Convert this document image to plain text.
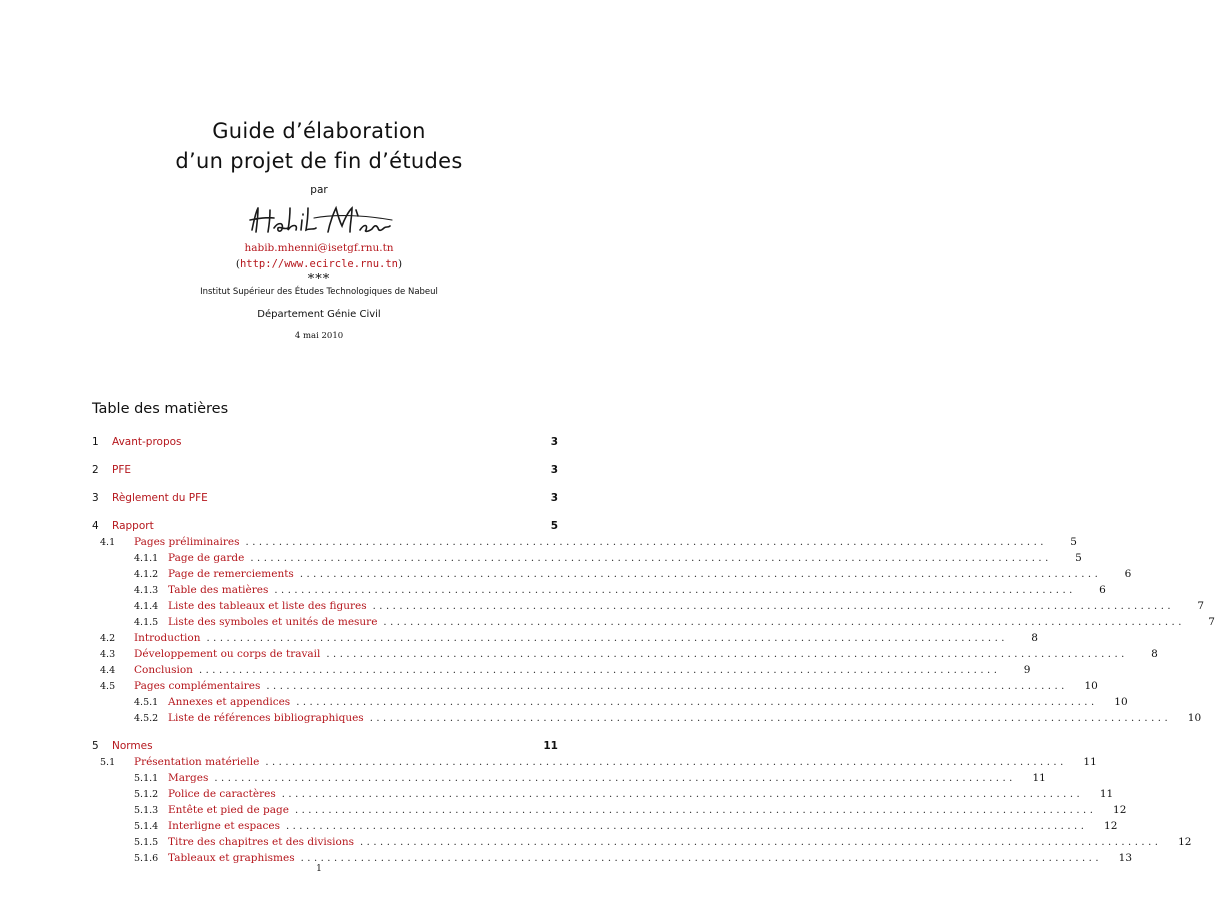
Guide d’élaboration
d’un projet de fin d’études
par
habib.mhenni@isetgf.rnu.tn
(http://www.ecircle.rnu.tn)
***
Institut Supérieur des Études Technologiques de Nabeul
Département Génie Civil
4 mai 2010
Table des matières
1	Avant-propos	3
2	PFE	3
3	Règlement du PFE	3
4	Rapport	5
4.1	Pages préliminaires ........................................................................................................................	5
4.1.1 Page de garde ........................................................................................................................	5
4.1.2 Page de remerciements ........................................................................................................................	6
4.1.3 Table des matières ........................................................................................................................	6
4.1.4 Liste des tableaux et liste des figures ........................................................................................................................	7
4.1.5 Liste des symboles et unités de mesure ........................................................................................................................	7
4.2	Introduction ........................................................................................................................	8
4.3	Développement ou corps de travail ........................................................................................................................	8
4.4	Conclusion ........................................................................................................................	9
4.5	Pages complémentaires ........................................................................................................................	10
4.5.1 Annexes et appendices ........................................................................................................................	10
4.5.2 Liste de références bibliographiques ........................................................................................................................	10
5	Normes	11
5.1	Présentation matérielle ........................................................................................................................	11
5.1.1 Marges ........................................................................................................................	11
5.1.2 Police de caractères ........................................................................................................................	11
5.1.3 Entête et pied de page ........................................................................................................................	12
5.1.4 Interligne et espaces ........................................................................................................................	12
5.1.5 Titre des chapitres et des divisions ........................................................................................................................	12
5.1.6 Tableaux et graphismes ........................................................................................................................	13
1
